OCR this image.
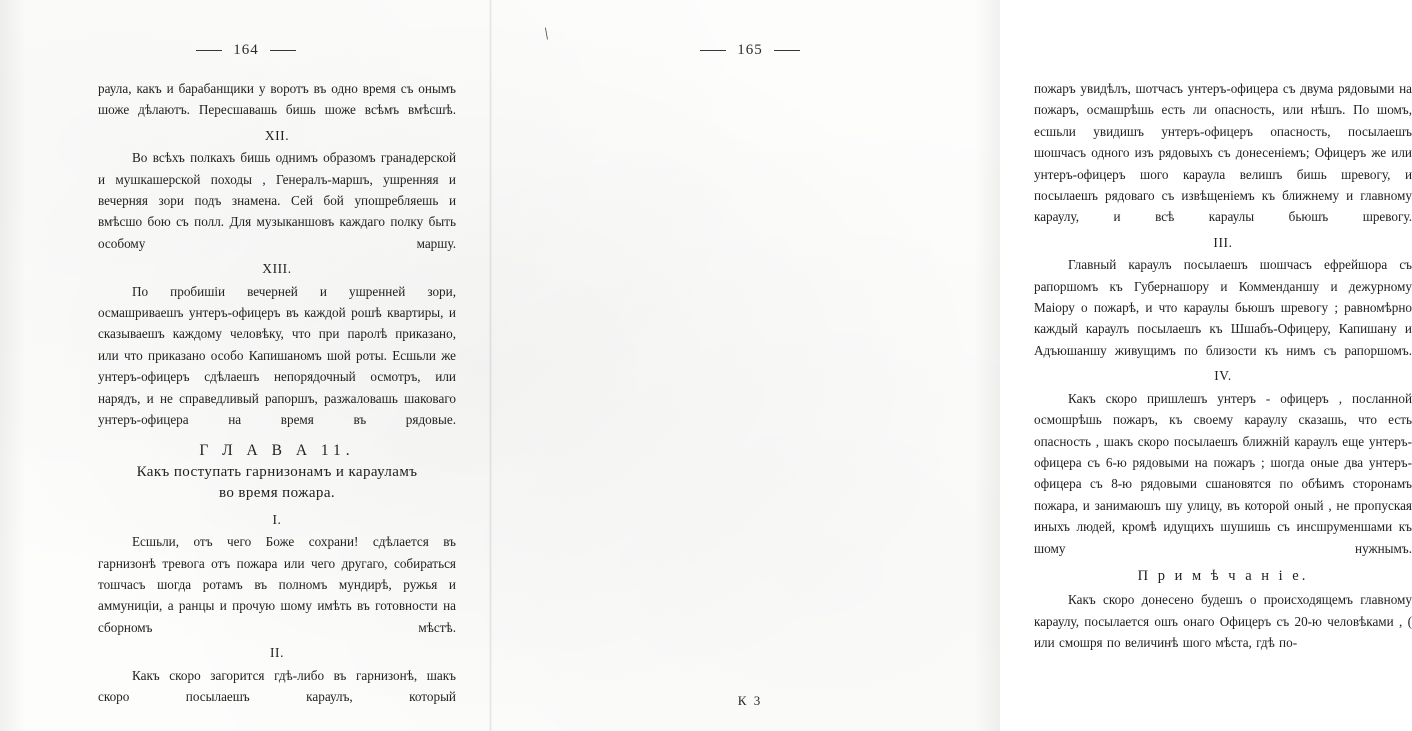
164

раула, какъ и барабанщики у воротъ въ одно время съ онымъ шоже дѣлаютъ. Пересшавашь бишь шоже всѣмъ вмѣсшѣ.

XII.

Во всѣхъ полкахъ бишь однимъ образомъ гранадерской и мушкашерской походы , Генералъ-маршъ, ушренняя и вечерняя зори подъ знамена. Сей бой упошребляешь и вмѣсшо бою съ полл. Для музыканшовъ каждаго полку быть особому маршу.

XIII.

По пробишіи вечерней и ушренней зори, осмашриваешъ унтеръ-офицеръ въ каждой рошѣ квартиры, и сказываешъ каждому человѣку, что при паролѣ приказано, или что приказано особо Капишаномъ шой роты. Есшьли же унтеръ-офицеръ сдѣлаешъ непорядочный осмотръ, или нарядъ, и не справедливый рапоршъ, разжаловашь шаковаго унтеръ-офицера на время въ рядовые.

Г Л А В А 11.
Какъ поступать гарнизонамъ и карауламъ
во время пожара.
I.

Есшьли, отъ чего Боже сохрани! сдѣлается въ гарнизонѣ тревога отъ пожара или чего другаго, собираться тошчасъ шогда ротамъ въ полномъ мундирѣ, ружья и аммуниціи, а ранцы и прочую шому имѣть въ готовности на сборномъ мѣстѣ.

II.

Какъ скоро загорится гдѣ-либо въ гарнизонѣ, шакъ скоро посылаешъ караулъ, который

\
165

пожаръ увидѣлъ, шотчасъ унтеръ-офицера съ двума рядовыми на пожаръ, осмашрѣшь есть ли опасность, или нѣшъ. По шомъ, есшьли увидишъ унтеръ-офицеръ опасность, посылаешъ шошчасъ одного изъ рядовыхъ съ донесеніемъ; Офицеръ же или унтеръ-офицеръ шого караула велишъ бишь шревогу, и посылаешъ рядоваго съ извѣщеніемъ къ ближнему и главному караулу, и всѣ караулы бьюшъ шревогу.

III.

Главный караулъ посылаешъ шошчасъ ефрейшора съ рапоршомъ къ Губернашору и Комменданшу и дежурному Маіору о пожарѣ, и что караулы бьюшъ шревогу ; равномѣрно каждый караулъ посылаешъ къ Шшабъ-Офицеру, Капишану и Адъюшаншу живущимъ по близости къ нимъ съ рапоршомъ.

IV.

Какъ скоро пришлешъ унтеръ - офицеръ , посланной осмошрѣшь пожаръ, къ своему караулу сказашь, что есть опасность , шакъ скоро посылаешъ ближній караулъ еще унтеръ-офицера съ 6-ю рядовыми на пожаръ ; шогда оные два унтеръ-офицера съ 8-ю рядовыми сшановятся по обѣимъ сторонамъ пожара, и занимаюшъ шу улицу, въ которой оный , не пропуская иныхъ людей, кромѣ идущихъ шушишь съ инсшруменшами къ шому нужнымъ.

П р и м ѣ ч а н і е.

Какъ скоро донесено будешъ о происходящемъ главному караулу, посылается ошъ онаго Офицеръ съ 20-ю человѣками , ( или смошря по величинѣ шого мѣста, гдѣ по-

К 3
